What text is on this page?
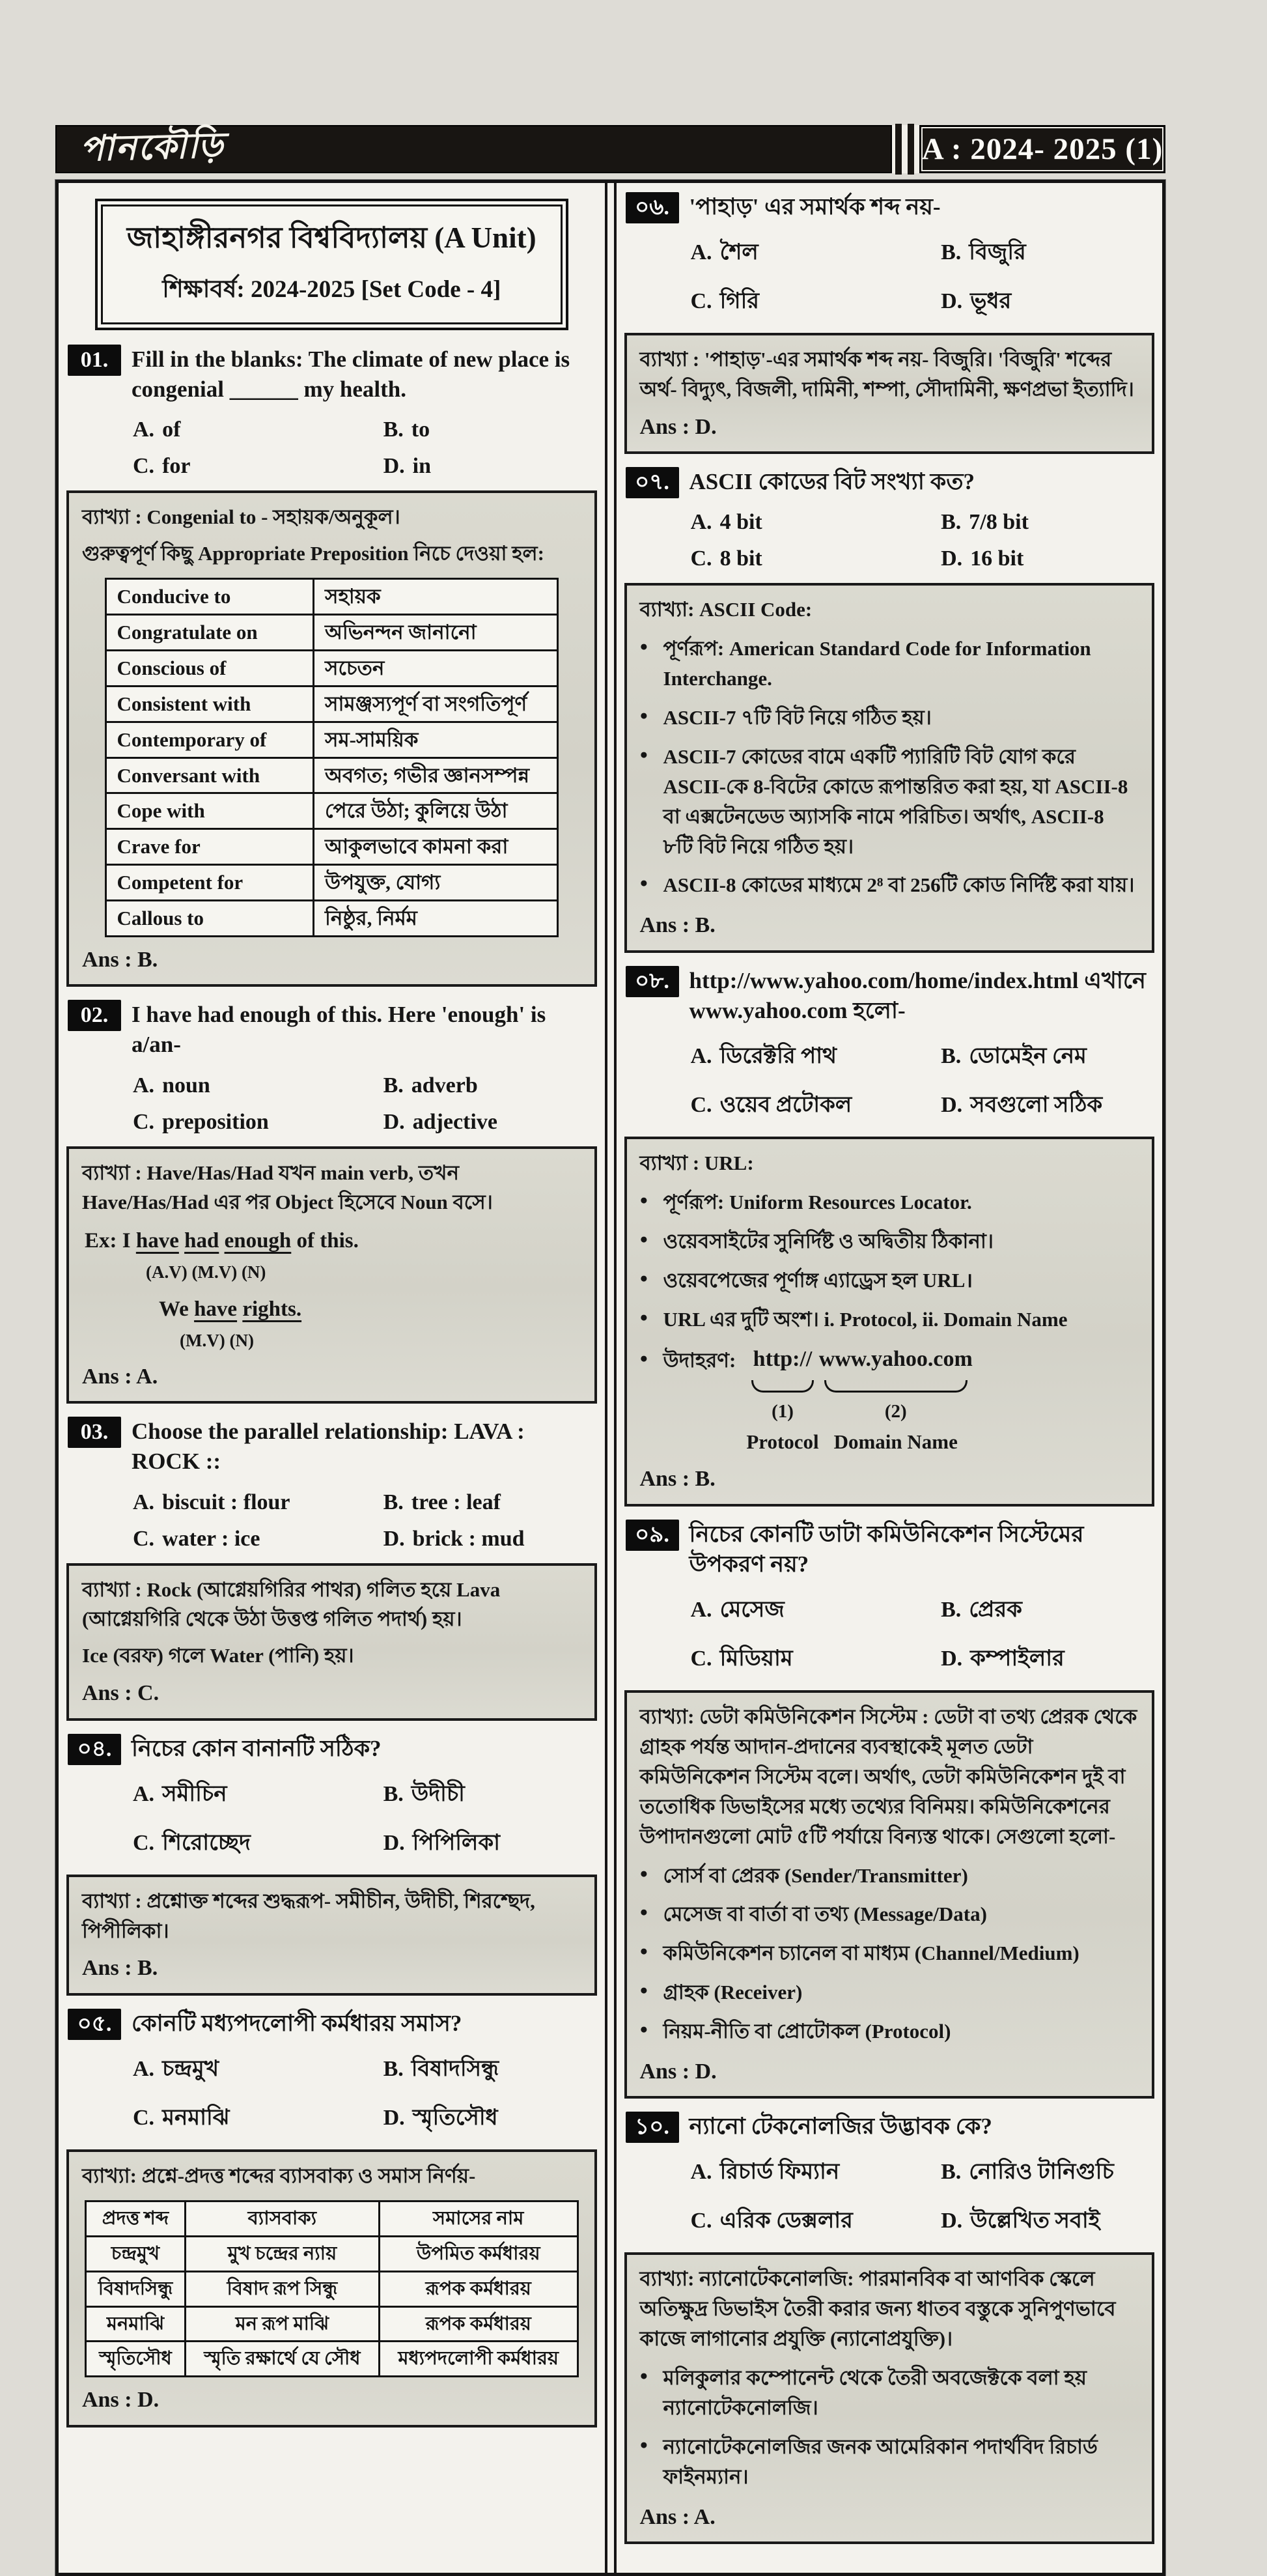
পানকৌড়ি	A : 2024- 2025 (1)
জাহাঙ্গীরনগর বিশ্ববিদ্যালয় (A Unit)
শিক্ষাবর্ষ: 2024-2025 [Set Code - 4]
01.	Fill in the blanks: The climate of new place is congenial ______ my health.
A. of	B. to
C. for	D. in
ব্যাখ্যা : Congenial to - সহায়ক/অনুকূল।
গুরুত্বপূর্ণ কিছু Appropriate Preposition নিচে দেওয়া হল:
Conducive to	সহায়ক
Congratulate on	অভিনন্দন জানানো
Conscious of	সচেতন
Consistent with	সামঞ্জস্যপূর্ণ বা সংগতিপূর্ণ
Contemporary of	সম-সাময়িক
Conversant with	অবগত; গভীর জ্ঞানসম্পন্ন
Cope with	পেরে উঠা; কুলিয়ে উঠা
Crave for	আকুলভাবে কামনা করা
Competent for	উপযুক্ত, যোগ্য
Callous to	নিষ্ঠুর, নির্মম
Ans : B.
02.	I have had enough of this. Here 'enough' is a/an-
A. noun	B. adverb
C. preposition	D. adjective
ব্যাখ্যা : Have/Has/Had যখন main verb, তখন Have/Has/Had এর পর Object হিসেবে Noun বসে।
Ex: I have had enough of this.
(A.V) (M.V) (N)
We have rights.
(M.V) (N)
Ans : A.
03.	Choose the parallel relationship: LAVA : ROCK ::
A. biscuit : flour	B. tree : leaf
C. water : ice	D. brick : mud
ব্যাখ্যা : Rock (আগ্নেয়গিরির পাথর) গলিত হয়ে Lava (আগ্নেয়গিরি থেকে উঠা উত্তপ্ত গলিত পদার্থ) হয়।
Ice (বরফ) গলে Water (পানি) হয়।
Ans : C.
০৪. নিচের কোন বানানটি সঠিক?
A. সমীচিন	B. উদীচী
C. শিরোচ্ছেদ	D. পিপিলিকা
ব্যাখ্যা : প্রশ্নোক্ত শব্দের শুদ্ধরূপ- সমীচীন, উদীচী, শিরশ্ছেদ, পিপীলিকা।
Ans : B.
০৫. কোনটি মধ্যপদলোপী কর্মধারয় সমাস?
A. চন্দ্রমুখ	B. বিষাদসিন্ধু
C. মনমাঝি	D. স্মৃতিসৌধ
ব্যাখ্যা: প্রশ্নে-প্রদত্ত শব্দের ব্যাসবাক্য ও সমাস নির্ণয়-
প্রদত্ত শব্দ	ব্যাসবাক্য	সমাসের নাম
চন্দ্রমুখ	মুখ চন্দ্রের ন্যায়	উপমিত কর্মধারয়
বিষাদসিন্ধু	বিষাদ রূপ সিন্ধু	রূপক কর্মধারয়
মনমাঝি	মন রূপ মাঝি	রূপক কর্মধারয়
স্মৃতিসৌধ	স্মৃতি রক্ষার্থে যে সৌধ	মধ্যপদলোপী কর্মধারয়
Ans : D.
০৬. 'পাহাড়' এর সমার্থক শব্দ নয়-
A. শৈল	B. বিজুরি
C. গিরি	D. ভূধর
ব্যাখ্যা : 'পাহাড়'-এর সমার্থক শব্দ নয়- বিজুরি। 'বিজুরি' শব্দের অর্থ- বিদ্যুৎ, বিজলী, দামিনী, শম্পা, সৌদামিনী, ক্ষণপ্রভা ইত্যাদি।
Ans : D.
০৭. ASCII কোডের বিট সংখ্যা কত?
A. 4 bit	B. 7/8 bit
C. 8 bit	D. 16 bit
ব্যাখ্যা: ASCII Code:
● পূর্ণরূপ: American Standard Code for Information Interchange.
● ASCII-7 ৭টি বিট নিয়ে গঠিত হয়।
● ASCII-7 কোডের বামে একটি প্যারিটি বিট যোগ করে ASCII-কে 8-বিটের কোডে রূপান্তরিত করা হয়, যা ASCII-8 বা এক্সটেনডেড অ্যাসকি নামে পরিচিত। অর্থাৎ, ASCII-8 ৮টি বিট নিয়ে গঠিত হয়।
● ASCII-8 কোডের মাধ্যমে 2⁸ বা 256টি কোড নির্দিষ্ট করা যায়।
Ans : B.
০৮. http://www.yahoo.com/home/index.html এখানে
www.yahoo.com হলো-
A. ডিরেক্টরি পাথ	B. ডোমেইন নেম
C. ওয়েব প্রটোকল	D. সবগুলো সঠিক
ব্যাখ্যা : URL:
● পূর্ণরূপ: Uniform Resources Locator.
● ওয়েবসাইটের সুনির্দিষ্ট ও অদ্বিতীয় ঠিকানা।
● ওয়েবপেজের পূর্ণাঙ্গ এ্যাড্রেস হল URL।
● URL এর দুটি অংশ। i. Protocol, ii. Domain Name
● উদাহরণ: http://
(1)
Protocol
www.yahoo.com
(2)
Domain Name
Ans : B.
০৯. নিচের কোনটি ডাটা কমিউনিকেশন সিস্টেমের উপকরণ নয়?
A. মেসেজ	B. প্রেরক
C. মিডিয়াম	D. কম্পাইলার
ব্যাখ্যা: ডেটা কমিউনিকেশন সিস্টেম : ডেটা বা তথ্য প্রেরক থেকে গ্রাহক পর্যন্ত আদান-প্রদানের ব্যবস্থাকেই মূলত ডেটা কমিউনিকেশন সিস্টেম বলে। অর্থাৎ, ডেটা কমিউনিকেশন দুই বা ততোধিক ডিভাইসের মধ্যে তথ্যের বিনিময়। কমিউনিকেশনের উপাদানগুলো মোট ৫টি পর্যায়ে বিন্যস্ত থাকে। সেগুলো হলো-
● সোর্স বা প্রেরক (Sender/Transmitter)
● মেসেজ বা বার্তা বা তথ্য (Message/Data)
● কমিউনিকেশন চ্যানেল বা মাধ্যম (Channel/Medium)
● গ্রাহক (Receiver)
● নিয়ম-নীতি বা প্রোটোকল (Protocol)
Ans : D.
১০. ন্যানো টেকনোলজির উদ্ভাবক কে?
A. রিচার্ড ফিম্যান	B. নোরিও টানিগুচি
C. এরিক ডেক্সলার	D. উল্লেখিত সবাই
ব্যাখ্যা: ন্যানোটেকনোলজি: পারমানবিক বা আণবিক স্কেলে অতিক্ষুদ্র ডিভাইস তৈরী করার জন্য ধাতব বস্তুকে সুনিপুণভাবে কাজে লাগানোর প্রযুক্তি (ন্যানোপ্রযুক্তি)।
● মলিকুলার কম্পোনেন্ট থেকে তৈরী অবজেক্টকে বলা হয় ন্যানোটেকনোলজি।
● ন্যানোটেকনোলজির জনক আমেরিকান পদার্থবিদ রিচার্ড ফাইনম্যান।
Ans : A.
